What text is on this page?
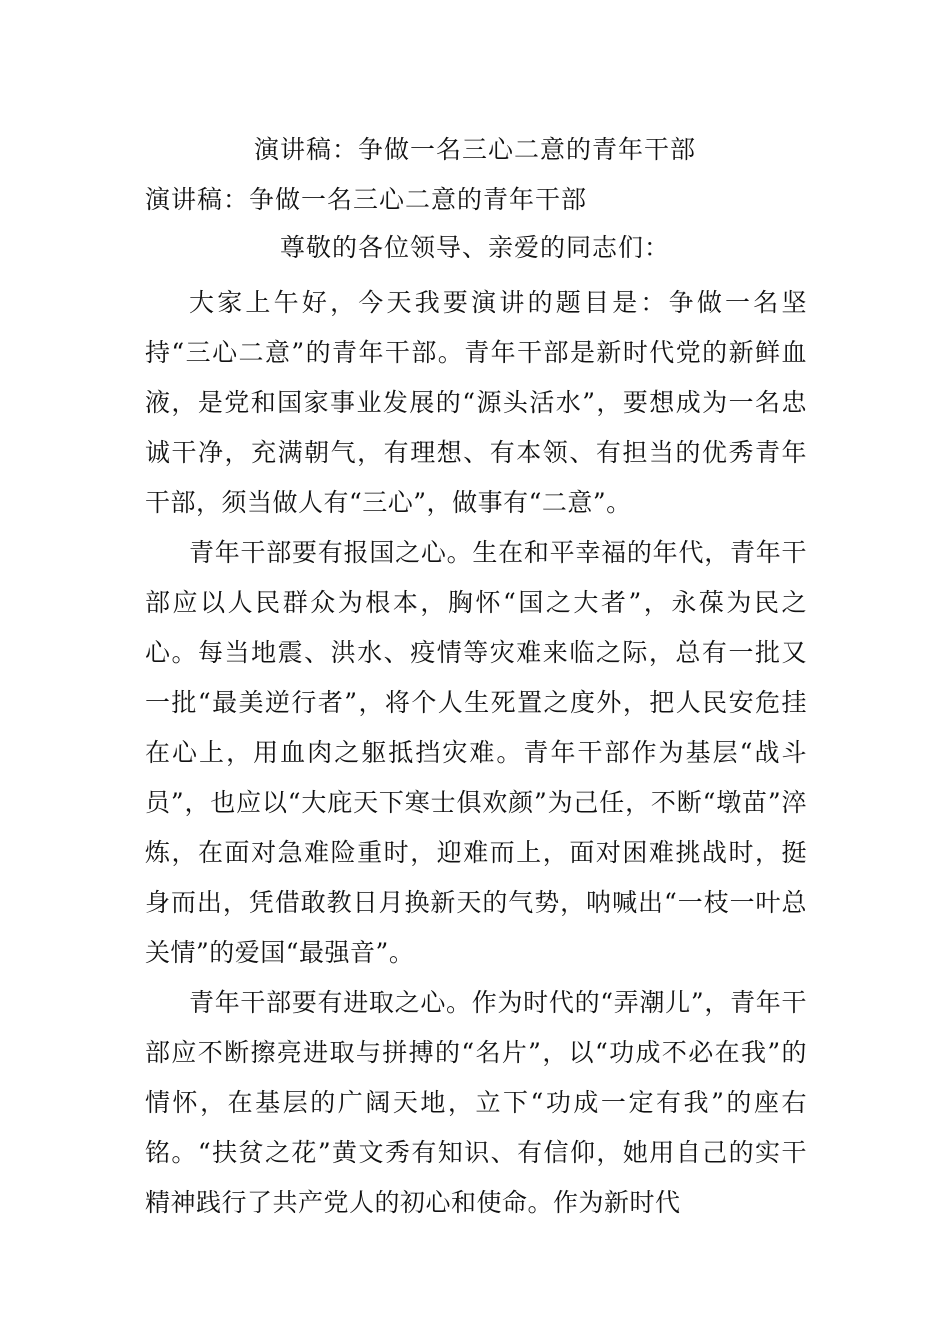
演讲稿：争做一名三心二意的青年干部
演讲稿：争做一名三心二意的青年干部
尊敬的各位领导、亲爱的同志们：

大家上午好，今天我要演讲的题目是：争做一名坚持“三心二意”的青年干部。青年干部是新时代党的新鲜血液，是党和国家事业发展的“源头活水”，要想成为一名忠诚干净，充满朝气，有理想、有本领、有担当的优秀青年干部，须当做人有“三心”，做事有“二意”。

青年干部要有报国之心。生在和平幸福的年代，青年干部应以人民群众为根本，胸怀“国之大者”，永葆为民之心。每当地震、洪水、疫情等灾难来临之际，总有一批又一批“最美逆行者”，将个人生死置之度外，把人民安危挂在心上，用血肉之躯抵挡灾难。青年干部作为基层“战斗员”，也应以“大庇天下寒士俱欢颜”为己任，不断“墩苗”淬炼，在面对急难险重时，迎难而上，面对困难挑战时，挺身而出，凭借敢教日月换新天的气势，呐喊出“一枝一叶总关情”的爱国“最强音”。

青年干部要有进取之心。作为时代的“弄潮儿”，青年干部应不断擦亮进取与拼搏的“名片”，以“功成不必在我”的情怀，在基层的广阔天地，立下“功成一定有我”的座右铭。“扶贫之花”黄文秀有知识、有信仰，她用自己的实干精神践行了共产党人的初心和使命。作为新时代
